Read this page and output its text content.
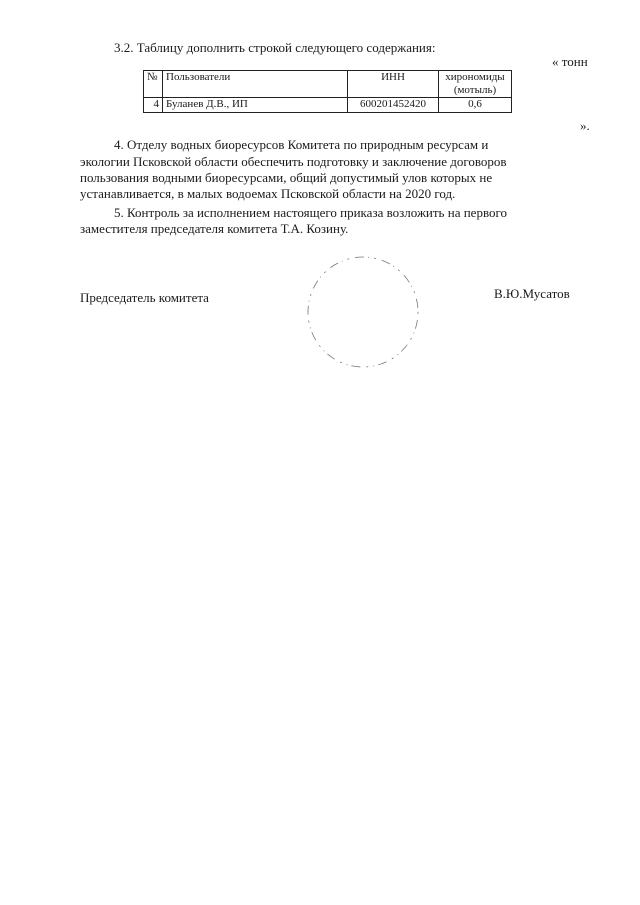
3.2. Таблицу дополнить строкой следующего содержания:
« тонн
№	Пользователи	ИНН	хирономиды (мотыль)
4	Буланев Д.В., ИП	600201452420	0,6
».
4. Отделу водных биоресурсов Комитета по природным ресурсам и
экологии Псковской области обеспечить подготовку и заключение договоров
пользования водными биоресурсами, общий допустимый улов которых не
устанавливается, в малых водоемах Псковской области на 2020 год.
5. Контроль за исполнением настоящего приказа возложить на первого
заместителя председателя комитета Т.А. Козину.
Председатель комитета	В.Ю.Мусатов
